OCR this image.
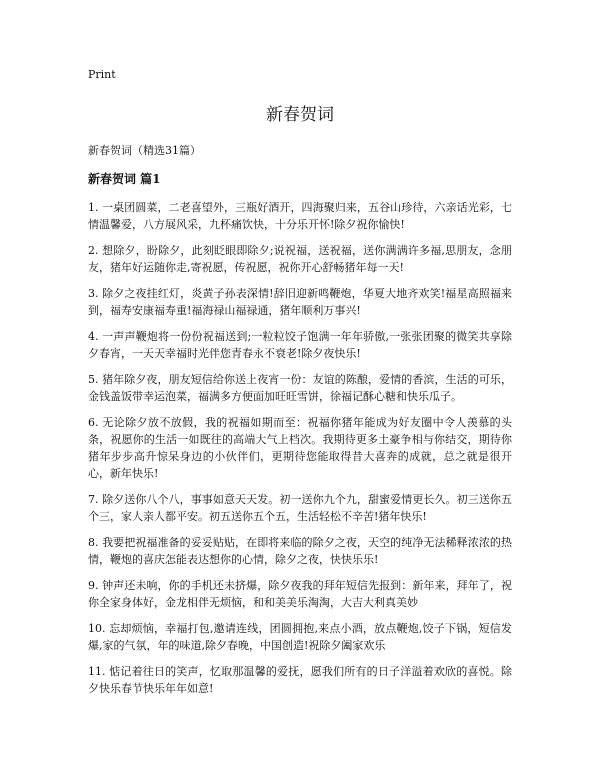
Print
新春贺词
新春贺词（精选31篇）
新春贺词 篇1

1. 一桌团圆菜，二老喜望外，三瓶好酒开，四海聚归来，五谷山珍待，六亲话光彩，七情温馨爱，八方展风采，九杯痛饮快，十分乐开怀!除夕祝你愉快!

2. 想除夕，盼除夕，此刻眨眼即除夕;说祝福，送祝福，送你满满许多福,思朋友，念朋友，猪年好运随你走,寄祝愿，传祝愿，祝你开心舒畅猪年每一天!

3. 除夕之夜挂红灯，炎黄子孙表深情!辞旧迎新鸣鞭炮，华夏大地齐欢笑!福星高照福来到，福寿安康福寿重!福海禄山福禄通，猪年顺利万事兴!

4. 一声声鞭炮将一份份祝福送到;一粒粒饺子饱满一年年骄傲,一张张团聚的微笑共享除夕春宵，一天天幸福时光伴您青春永不衰老!除夕夜快乐!

5. 猪年除夕夜，朋友短信给你送上夜宵一份：友谊的陈酿，爱情的香滨，生活的可乐，金钱盖饭带幸运泡菜，福满多方便面加旺旺雪饼，徐福记酥心糖和快乐瓜子。

6. 无论除夕放不放假，我的祝福如期而至：祝福你猪年能成为好友圈中令人羡慕的头条，祝愿你的生活一如既往的高端大气上档次。我期待更多土豪争相与你结交，期待你猪年步步高升惊呆身边的小伙伴们，更期待您能取得昔大喜奔的成就，总之就是很开心，新年快乐!

7. 除夕送你八个八，事事如意天天发。初一送你九个九，甜蜜爱情更长久。初三送你五个三，家人亲人都平安。初五送你五个五，生活轻松不辛苦!猪年快乐!

8. 我要把祝福准备的妥妥贴贴，在即将来临的除夕之夜，天空的纯净无法稀释浓浓的热情，鞭炮的喜庆怎能表达想你的心情，除夕之夜，快快乐乐!

9. 钟声还未响，你的手机还未挤爆，除夕夜我的拜年短信先报到：新年来，拜年了，祝你全家身体好，金龙相伴无烦恼，和和美美乐淘淘，大吉大利真美妙

10. 忘却烦恼，幸福打包,邀请连线，团圆拥抱,来点小酒，放点鞭炮,饺子下锅，短信发爆,家的气氛，年的味道,除夕春晚，中国创造!祝除夕阖家欢乐

11. 惦记着往日的笑声，忆取那温馨的爱抚，愿我们所有的日子洋溢着欢欣的喜悦。除夕快乐春节快乐年年如意!
